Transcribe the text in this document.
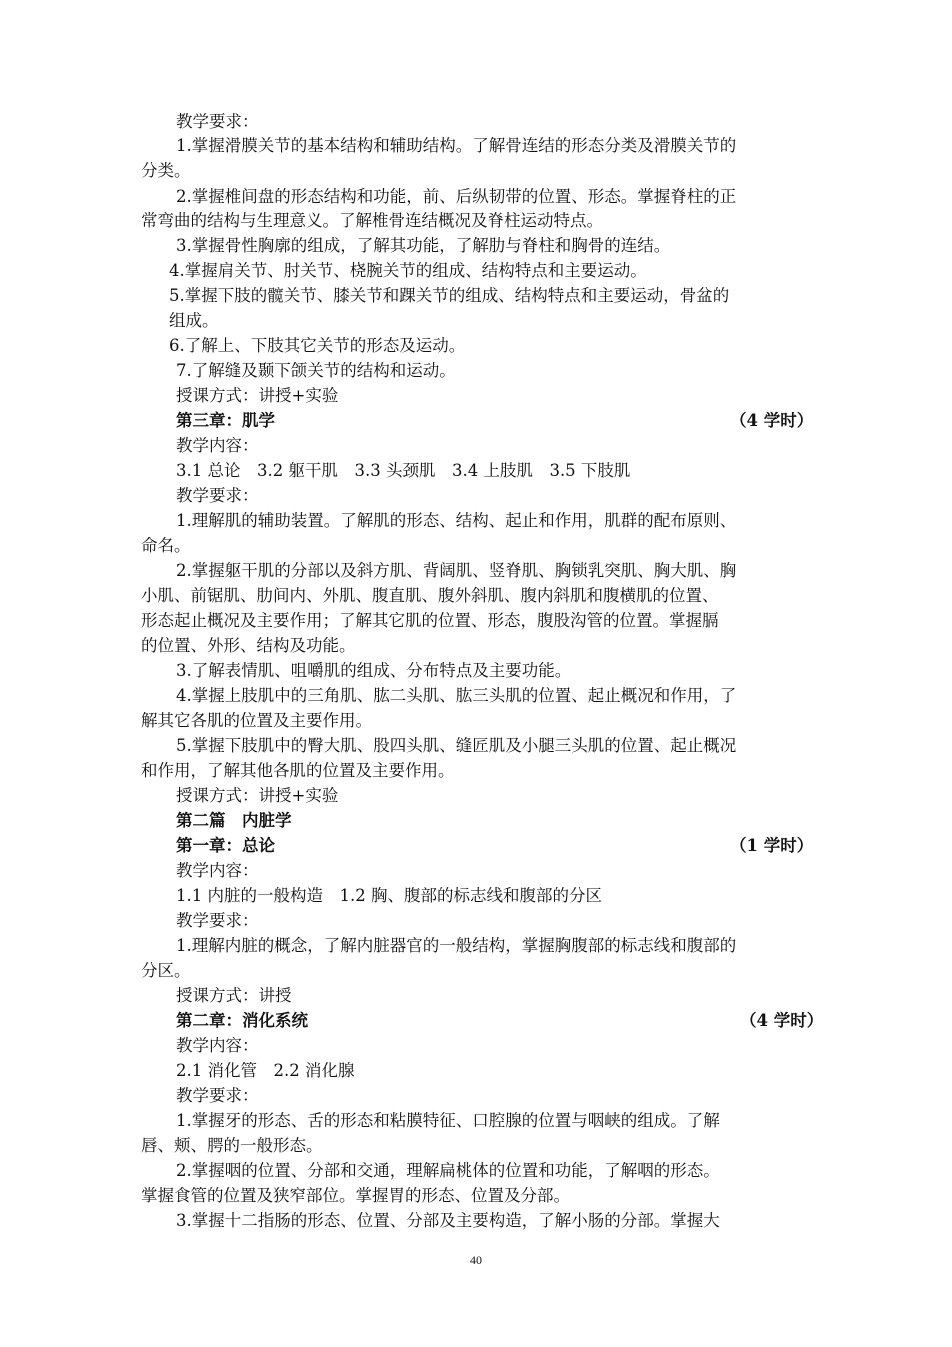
教学要求：
1.掌握滑膜关节的基本结构和辅助结构。了解骨连结的形态分类及滑膜关节的
分类。
2.掌握椎间盘的形态结构和功能，前、后纵韧带的位置、形态。掌握脊柱的正
常弯曲的结构与生理意义。了解椎骨连结概况及脊柱运动特点。
3.掌握骨性胸廓的组成，了解其功能，了解肋与脊柱和胸骨的连结。
4.掌握肩关节、肘关节、桡腕关节的组成、结构特点和主要运动。
5.掌握下肢的髋关节、膝关节和踝关节的组成、结构特点和主要运动，骨盆的
组成。
6.了解上、下肢其它关节的形态及运动。
7.了解缝及颞下颌关节的结构和运动。
授课方式：讲授+实验
第三章：肌学	（4 学时）
教学内容：
3.1 总论　3.2 躯干肌　3.3 头颈肌　3.4 上肢肌　3.5 下肢肌
教学要求：
1.理解肌的辅助装置。了解肌的形态、结构、起止和作用，肌群的配布原则、
命名。
2.掌握躯干肌的分部以及斜方肌、背阔肌、竖脊肌、胸锁乳突肌、胸大肌、胸
小肌、前锯肌、肋间内、外肌、腹直肌、腹外斜肌、腹内斜肌和腹横肌的位置、
形态起止概况及主要作用；了解其它肌的位置、形态，腹股沟管的位置。掌握膈
的位置、外形、结构及功能。
3.了解表情肌、咀嚼肌的组成、分布特点及主要功能。
4.掌握上肢肌中的三角肌、肱二头肌、肱三头肌的位置、起止概况和作用，了
解其它各肌的位置及主要作用。
5.掌握下肢肌中的臀大肌、股四头肌、缝匠肌及小腿三头肌的位置、起止概况
和作用，了解其他各肌的位置及主要作用。
授课方式：讲授+实验
第二篇　内脏学
第一章：总论	（1 学时）
教学内容：
1.1 内脏的一般构造　1.2 胸、腹部的标志线和腹部的分区
教学要求：
1.理解内脏的概念，了解内脏器官的一般结构，掌握胸腹部的标志线和腹部的
分区。
授课方式：讲授
第二章：消化系统	（4 学时）
教学内容：
2.1 消化管　2.2 消化腺
教学要求：
1.掌握牙的形态、舌的形态和粘膜特征、口腔腺的位置与咽峡的组成。了解
唇、颊、腭的一般形态。
2.掌握咽的位置、分部和交通，理解扁桃体的位置和功能，了解咽的形态。
掌握食管的位置及狭窄部位。掌握胃的形态、位置及分部。
3.掌握十二指肠的形态、位置、分部及主要构造，了解小肠的分部。掌握大
40
